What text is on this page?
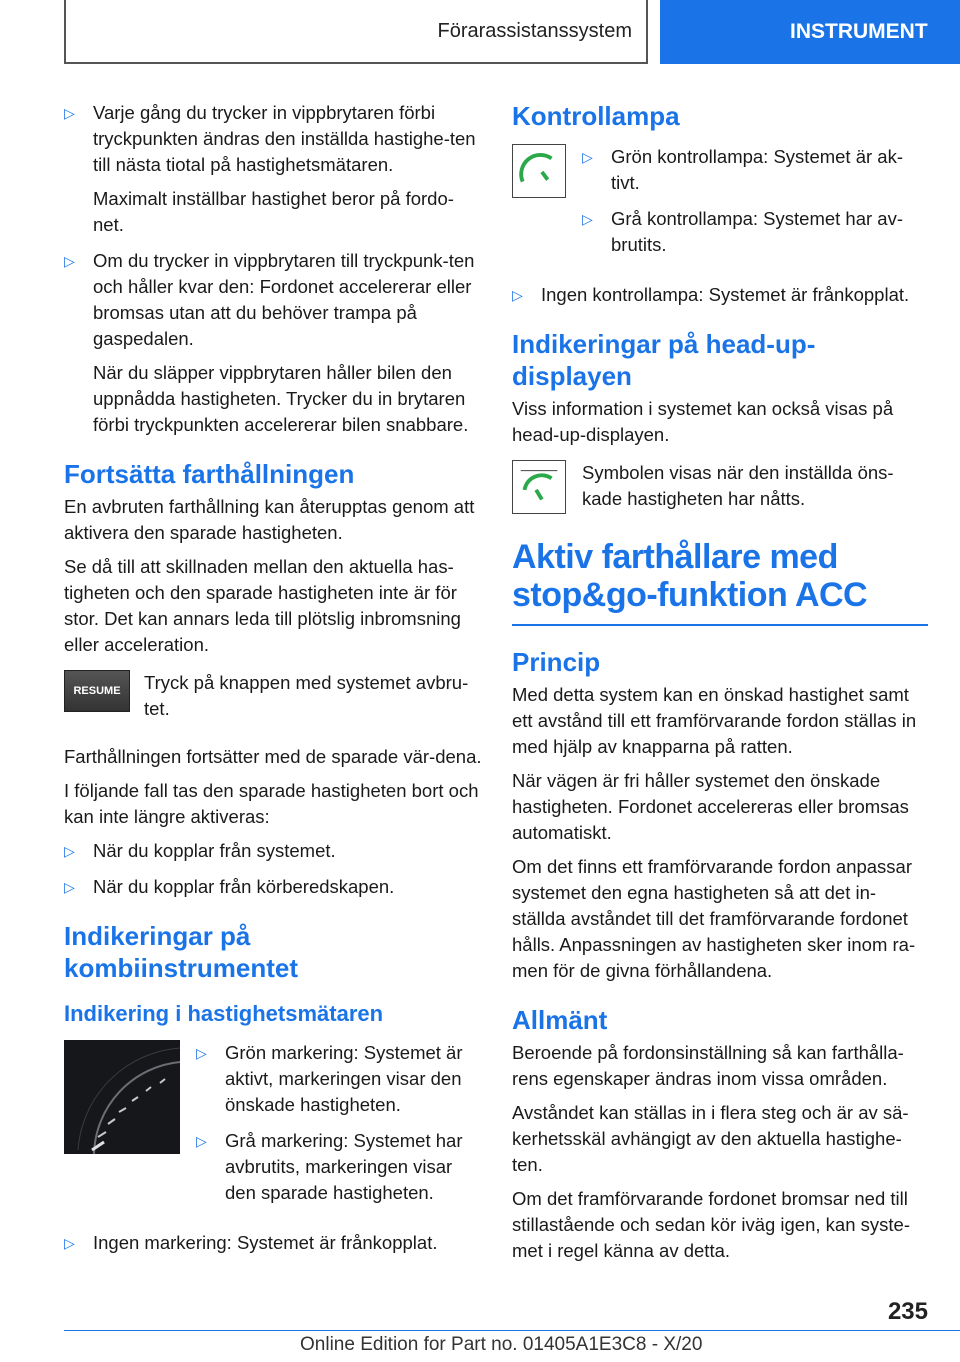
Förarassistanssystem	INSTRUMENT
▷ Varje gång du trycker in vippbrytaren förbi tryckpunkten ändras den inställda hastighe-ten till nästa tiotal på hastighetsmätaren.

Maximalt inställbar hastighet beror på fordo-net.

▷ Om du trycker in vippbrytaren till tryckpunk-ten och håller kvar den: Fordonet accelererar eller bromsas utan att du behöver trampa på gaspedalen.

När du släpper vippbrytaren håller bilen den uppnådda hastigheten. Trycker du in brytaren förbi tryckpunkten accelererar bilen snabbare.

Fortsätta farthållningen

En avbruten farthållning kan återupptas genom att aktivera den sparade hastigheten.

Se då till att skillnaden mellan den aktuella has-tigheten och den sparade hastigheten inte är för stor. Det kan annars leda till plötslig inbromsning eller acceleration.

RESUME Tryck på knappen med systemet avbru-tet.

Farthållningen fortsätter med de sparade vär-dena.

I följande fall tas den sparade hastigheten bort och kan inte längre aktiveras:

▷ När du kopplar från systemet.
▷ När du kopplar från körberedskapen.
Indikeringar på kombiinstrumentet
Indikering i hastighetsmätaren
▷ Grön markering: Systemet är aktivt, markeringen visar den önskade hastigheten.
▷ Grå markering: Systemet har avbrutits, markeringen visar den sparade hastigheten.
▷ Ingen markering: Systemet är frånkopplat.
Kontrollampa
▷ Grön kontrollampa: Systemet är ak-tivt.
▷ Grå kontrollampa: Systemet har av-brutits.
▷ Ingen kontrollampa: Systemet är frånkopplat.
Indikeringar på head-up-displayen

Viss information i systemet kan också visas på head-up-displayen.

Symbolen visas när den inställda öns-kade hastigheten har nåtts.

Aktiv farthållare med stop&go-funktion ACC
Princip

Med detta system kan en önskad hastighet samt ett avstånd till ett framförvarande fordon ställas in med hjälp av knapparna på ratten.

När vägen är fri håller systemet den önskade hastigheten. Fordonet accelereras eller bromsas automatiskt.

Om det finns ett framförvarande fordon anpassar systemet den egna hastigheten så att det in-ställda avståndet till det framförvarande fordonet hålls. Anpassningen av hastigheten sker inom ra-men för de givna förhållandena.

Allmänt

Beroende på fordonsinställning så kan farthålla-rens egenskaper ändras inom vissa områden.

Avståndet kan ställas in i flera steg och är av sä-kerhetsskäl avhängigt av den aktuella hastighe-ten.

Om det framförvarande fordonet bromsar ned till stillastående och sedan kör iväg igen, kan syste-met i regel känna av detta.

235
Online Edition for Part no. 01405A1E3C8 - X/20
